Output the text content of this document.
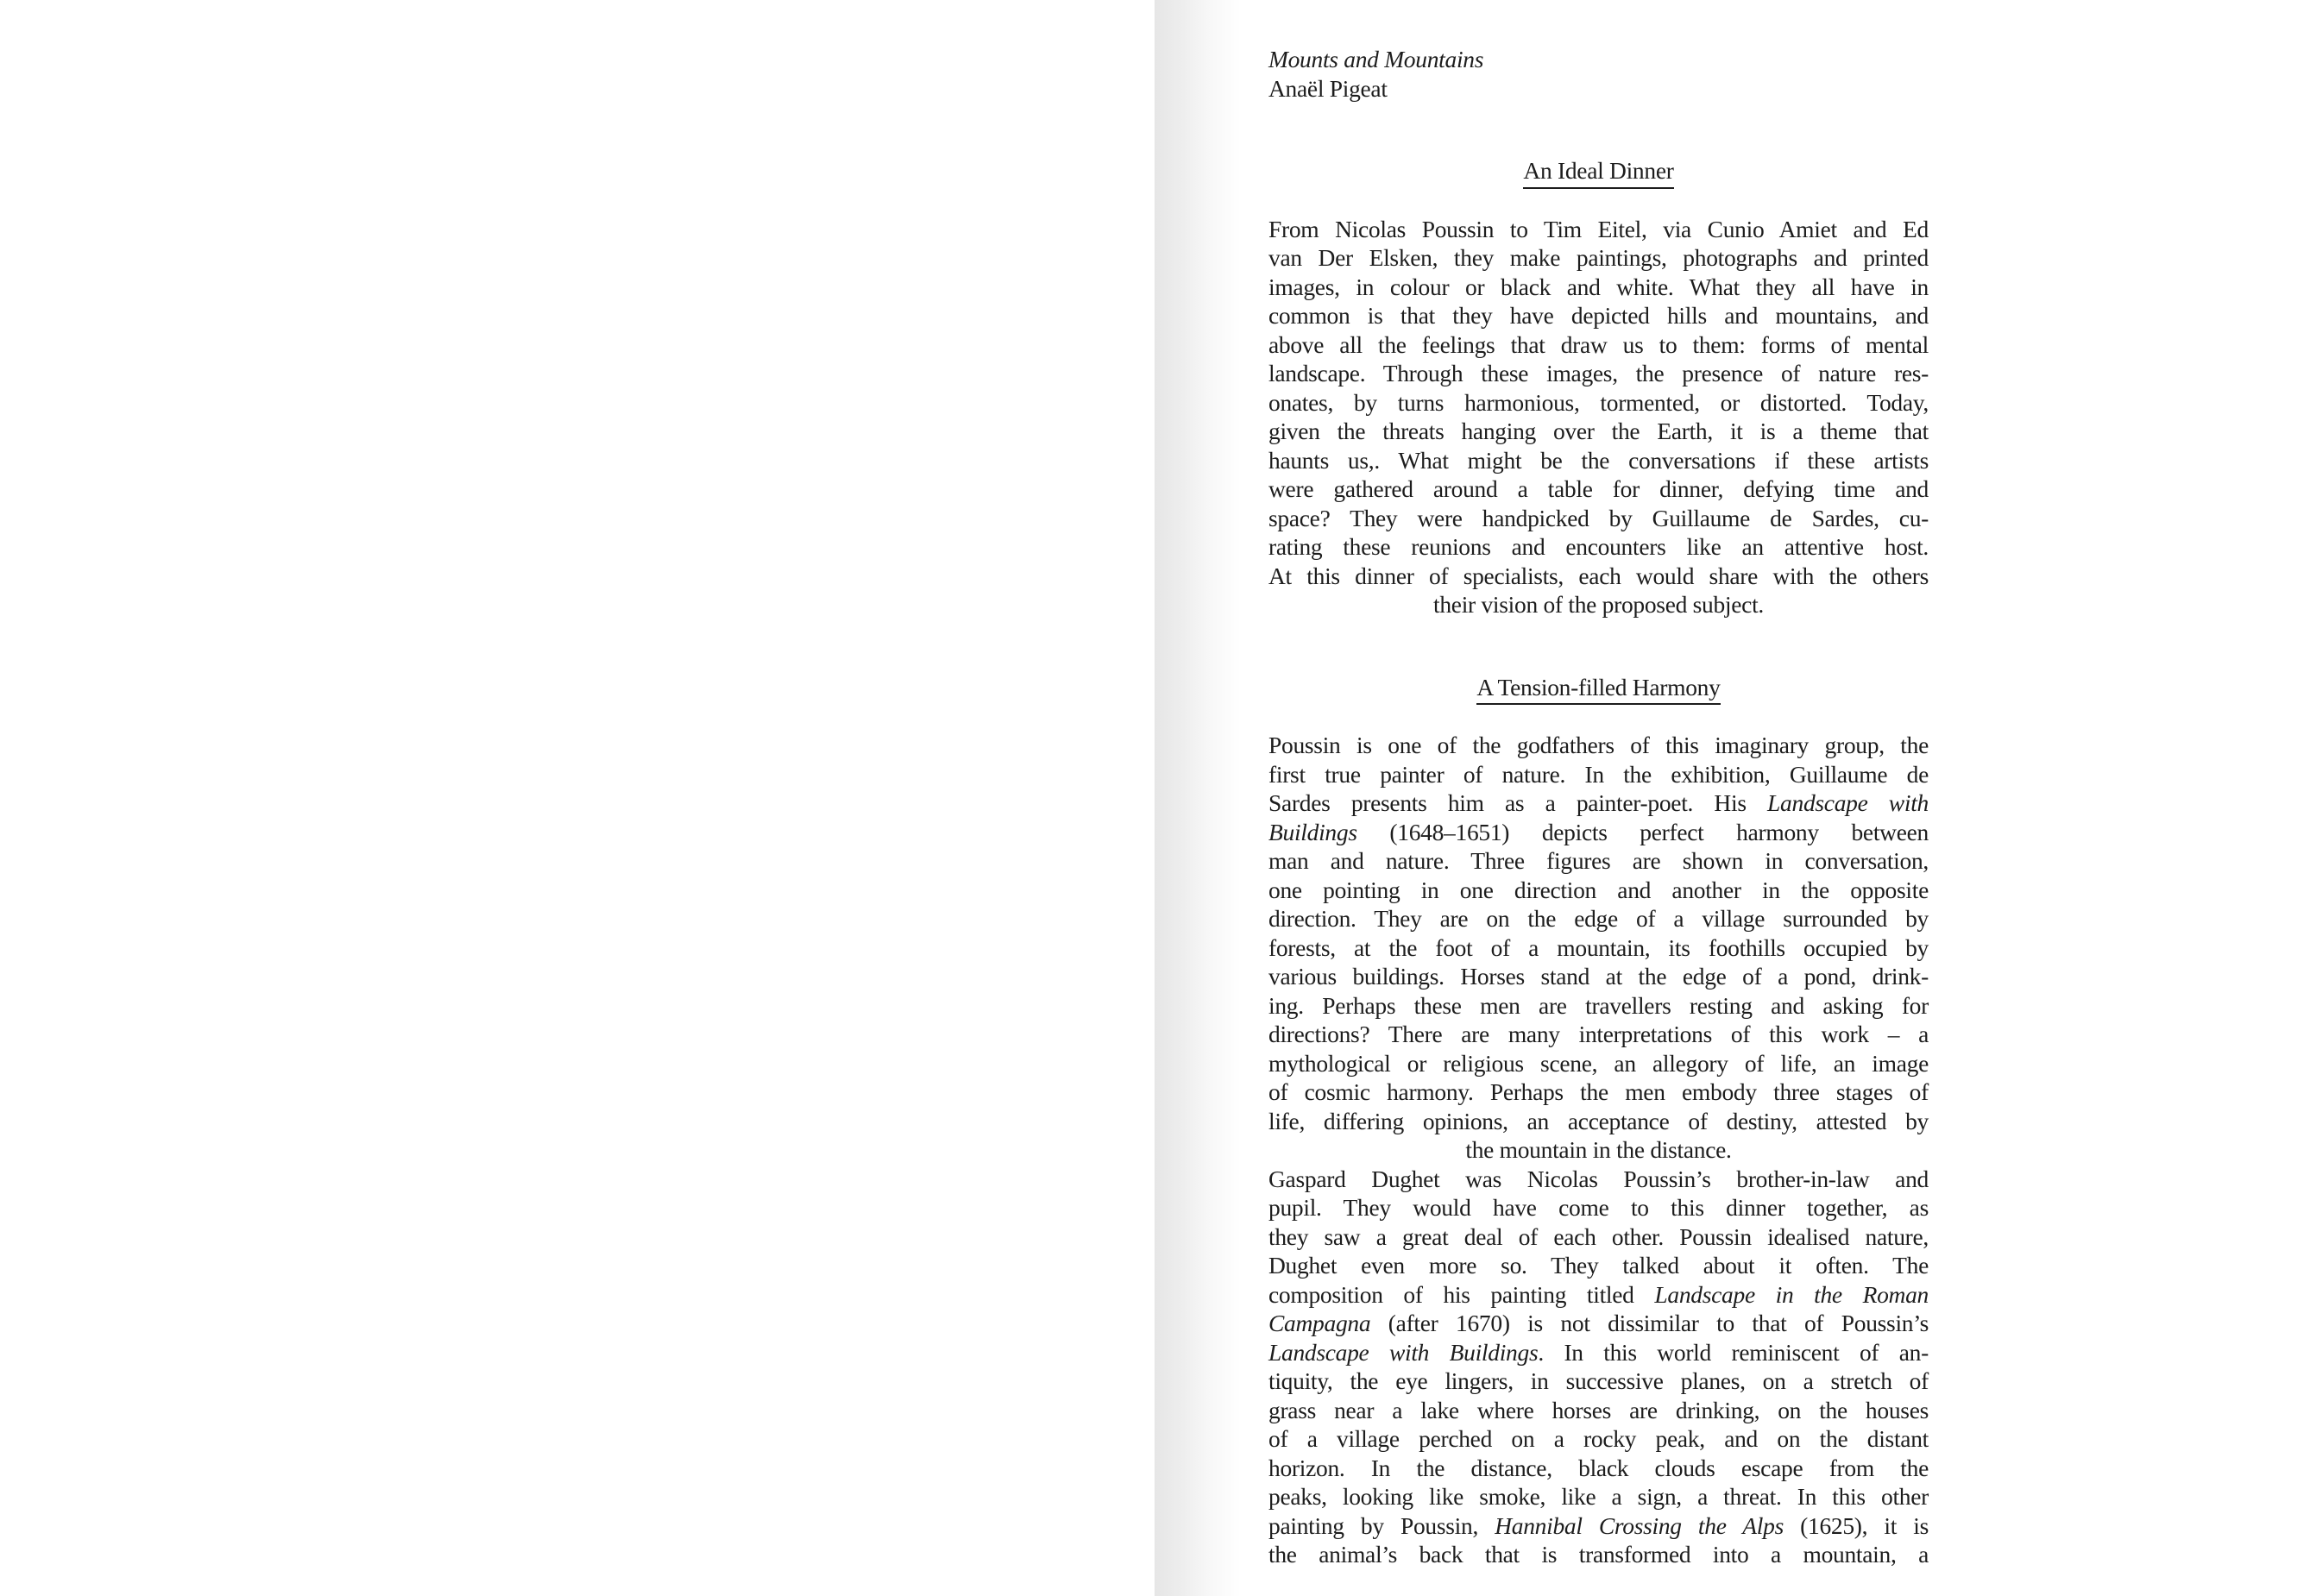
Mounts and Mountains
Anaël Pigeat
An Ideal Dinner
From Nicolas Poussin to Tim Eitel, via Cunio Amiet and Ed
van Der Elsken, they make paintings, photographs and printed
images, in colour or black and white. What they all have in
common is that they have depicted hills and mountains, and
above all the feelings that draw us to them: forms of mental
landscape. Through these images, the presence of nature res-
onates, by turns harmonious, tormented, or distorted. Today,
given the threats hanging over the Earth, it is a theme that
haunts us,. What might be the conversations if these artists
were gathered around a table for dinner, defying time and
space? They were handpicked by Guillaume de Sardes, cu-
rating these reunions and encounters like an attentive host.
At this dinner of specialists, each would share with the others
their vision of the proposed subject.
A Tension-filled Harmony
Poussin is one of the godfathers of this imaginary group, the
first true painter of nature. In the exhibition, Guillaume de
Sardes presents him as a painter-poet. His Landscape with
Buildings (1648–1651) depicts perfect harmony between
man and nature. Three figures are shown in conversation,
one pointing in one direction and another in the opposite
direction. They are on the edge of a village surrounded by
forests, at the foot of a mountain, its foothills occupied by
various buildings. Horses stand at the edge of a pond, drink-
ing. Perhaps these men are travellers resting and asking for
directions? There are many interpretations of this work – a
mythological or religious scene, an allegory of life, an image
of cosmic harmony. Perhaps the men embody three stages of
life, differing opinions, an acceptance of destiny, attested by
the mountain in the distance.
Gaspard Dughet was Nicolas Poussin’s brother-in-law and
pupil. They would have come to this dinner together, as
they saw a great deal of each other. Poussin idealised nature,
Dughet even more so. They talked about it often. The
composition of his painting titled Landscape in the Roman
Campagna (after 1670) is not dissimilar to that of Poussin’s
Landscape with Buildings. In this world reminiscent of an-
tiquity, the eye lingers, in successive planes, on a stretch of
grass near a lake where horses are drinking, on the houses
of a village perched on a rocky peak, and on the distant
horizon. In the distance, black clouds escape from the
peaks, looking like smoke, like a sign, a threat. In this other
painting by Poussin, Hannibal Crossing the Alps (1625), it is
the animal’s back that is transformed into a mountain, a
